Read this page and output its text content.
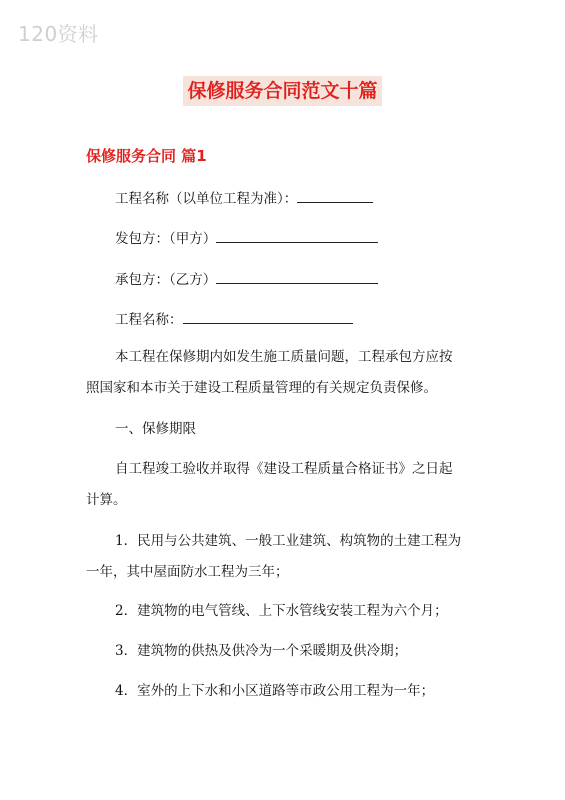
120资料
保修服务合同范文十篇
保修服务合同 篇1
工程名称（以单位工程为准）：
发包方：（甲方）
承包方：（乙方）
工程名称：
本工程在保修期内如发生施工质量问题，工程承包方应按
照国家和本市关于建设工程质量管理的有关规定负责保修。
一、保修期限
自工程竣工验收并取得《建设工程质量合格证书》之日起
计算。
1．民用与公共建筑、一般工业建筑、构筑物的土建工程为
一年，其中屋面防水工程为三年；
2．建筑物的电气管线、上下水管线安装工程为六个月；
3．建筑物的供热及供冷为一个采暖期及供冷期；
4．室外的上下水和小区道路等市政公用工程为一年；
